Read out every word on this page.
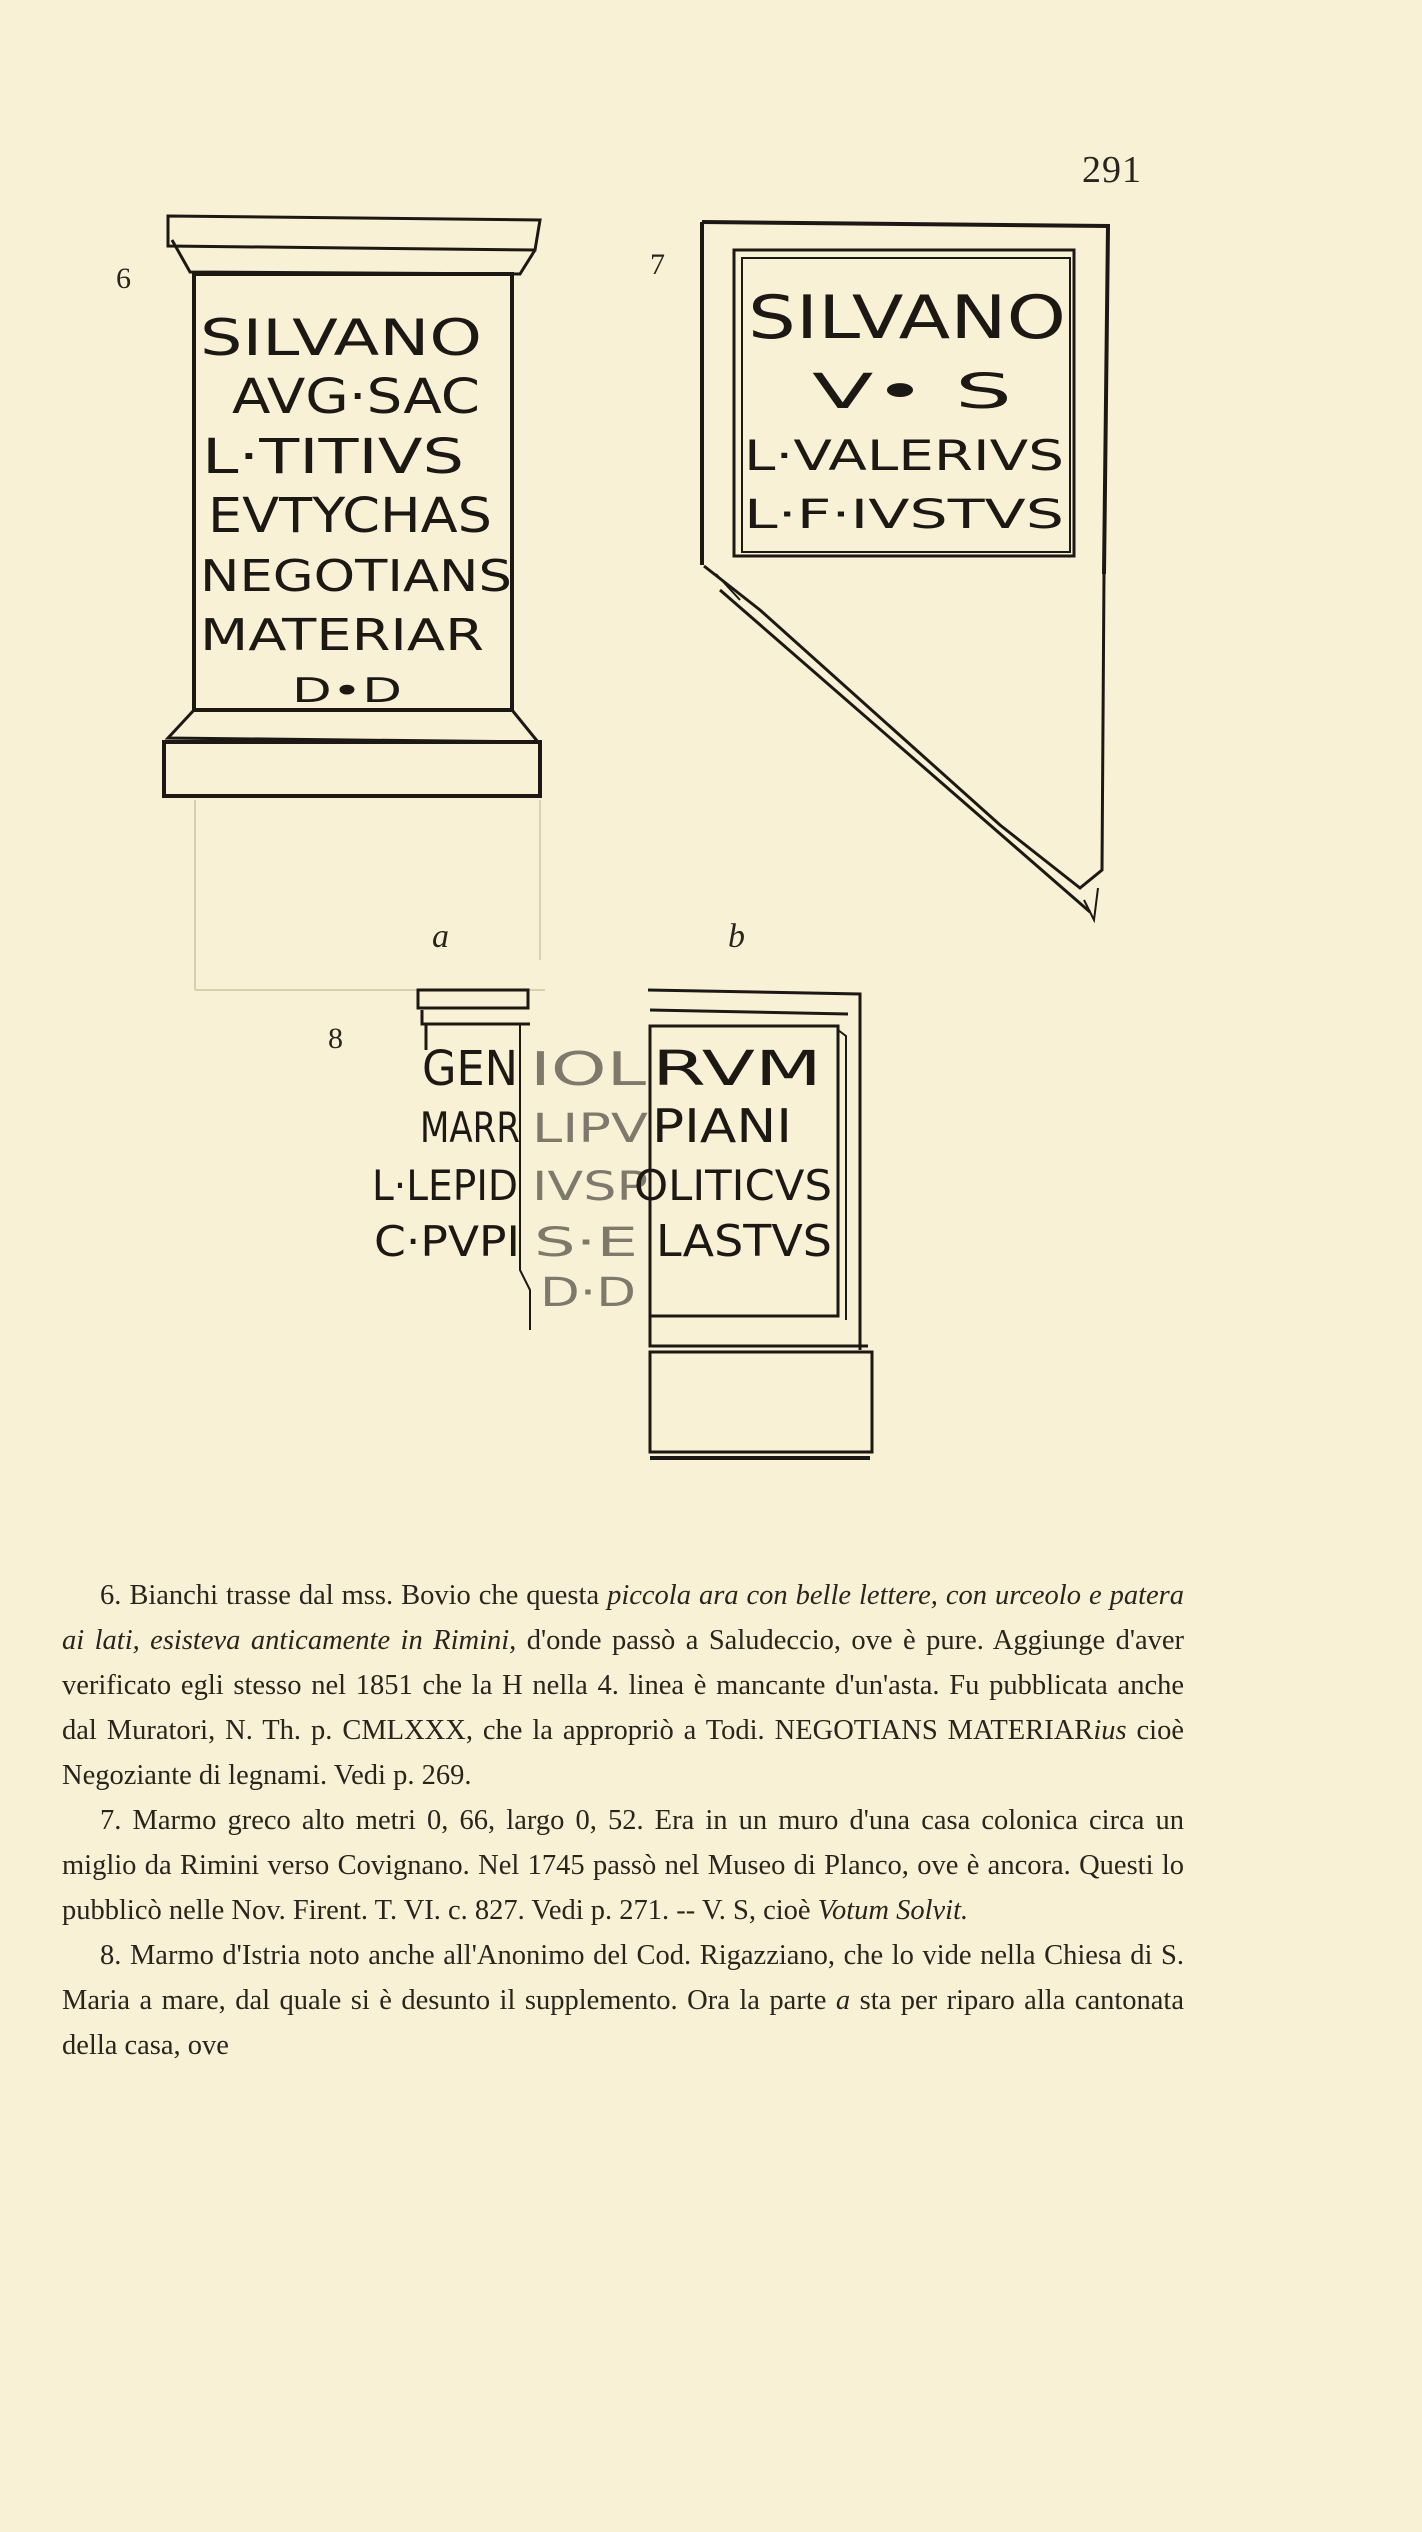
291
6	7
8
a	b
SILVANO
AVG·SAC
L·TITIVS
EVTYCHAS
NEGOTIANS
MATERIAR
D•D
SILVANO
V• S
L·VALERIVS
L·F·IVSTVS
GEN
MARR
L·LEPID
C·PVPI
IOL
LIPV
IVSP
S·E
D·D
RVM
PIANI
OLITICVS
LASTVS

6. Bianchi trasse dal mss. Bovio che questa piccola ara con belle lettere, con urceolo e patera ai lati, esisteva anticamente in Rimini, d'onde passò a Saludeccio, ove è pure. Aggiunge d'aver verificato egli stesso nel 1851 che la H nella 4. linea è mancante d'un'asta. Fu pubblicata anche dal Muratori, N. Th. p. CMLXXX, che la appropriò a Todi. NEGOTIANS MATERIARius cioè Negoziante di legnami. Vedi p. 269.

7. Marmo greco alto metri 0, 66, largo 0, 52. Era in un muro d'una casa colonica circa un miglio da Rimini verso Covignano. Nel 1745 passò nel Museo di Planco, ove è ancora. Questi lo pubblicò nelle Nov. Firent. T. VI. c. 827. Vedi p. 271. -- V. S, cioè Votum Solvit.

8. Marmo d'Istria noto anche all'Anonimo del Cod. Rigazziano, che lo vide nella Chiesa di S. Maria a mare, dal quale si è desunto il supplemento. Ora la parte a sta per riparo alla cantonata della casa, ove
